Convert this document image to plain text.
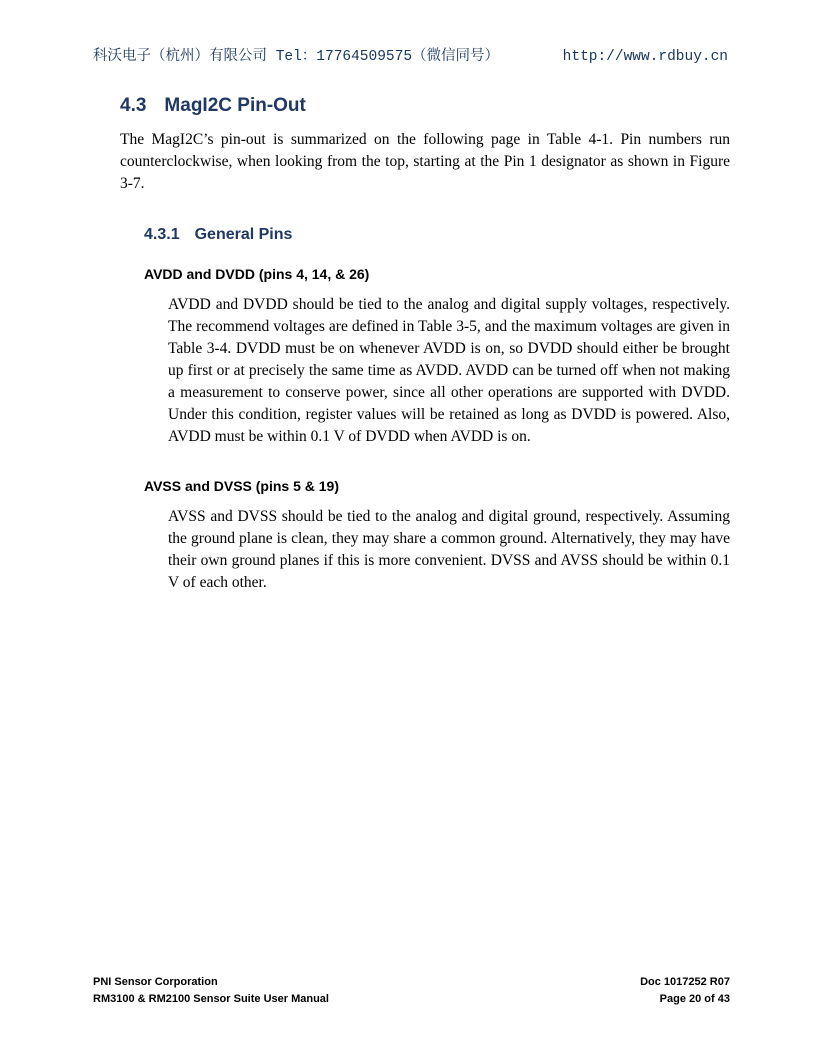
科沃电子（杭州）有限公司 Tel：17764509575（微信同号）	http://www.rdbuy.cn
4.3 MagI2C Pin-Out

The MagI2C’s pin-out is summarized on the following page in Table 4-1. Pin numbers run counterclockwise, when looking from the top, starting at the Pin 1 designator as shown in Figure 3-7.

4.3.1 General Pins
AVDD and DVDD (pins 4, 14, & 26)

AVDD and DVDD should be tied to the analog and digital supply voltages, respectively. The recommend voltages are defined in Table 3-5, and the maximum voltages are given in Table 3-4. DVDD must be on whenever AVDD is on, so DVDD should either be brought up first or at precisely the same time as AVDD. AVDD can be turned off when not making a measurement to conserve power, since all other operations are supported with DVDD. Under this condition, register values will be retained as long as DVDD is powered. Also, AVDD must be within 0.1 V of DVDD when AVDD is on.

AVSS and DVSS (pins 5 & 19)

AVSS and DVSS should be tied to the analog and digital ground, respectively. Assuming the ground plane is clean, they may share a common ground. Alternatively, they may have their own ground planes if this is more convenient. DVSS and AVSS should be within 0.1 V of each other.

PNI Sensor Corporation	Doc 1017252 R07
RM3100 & RM2100 Sensor Suite User Manual	Page 20 of 43
